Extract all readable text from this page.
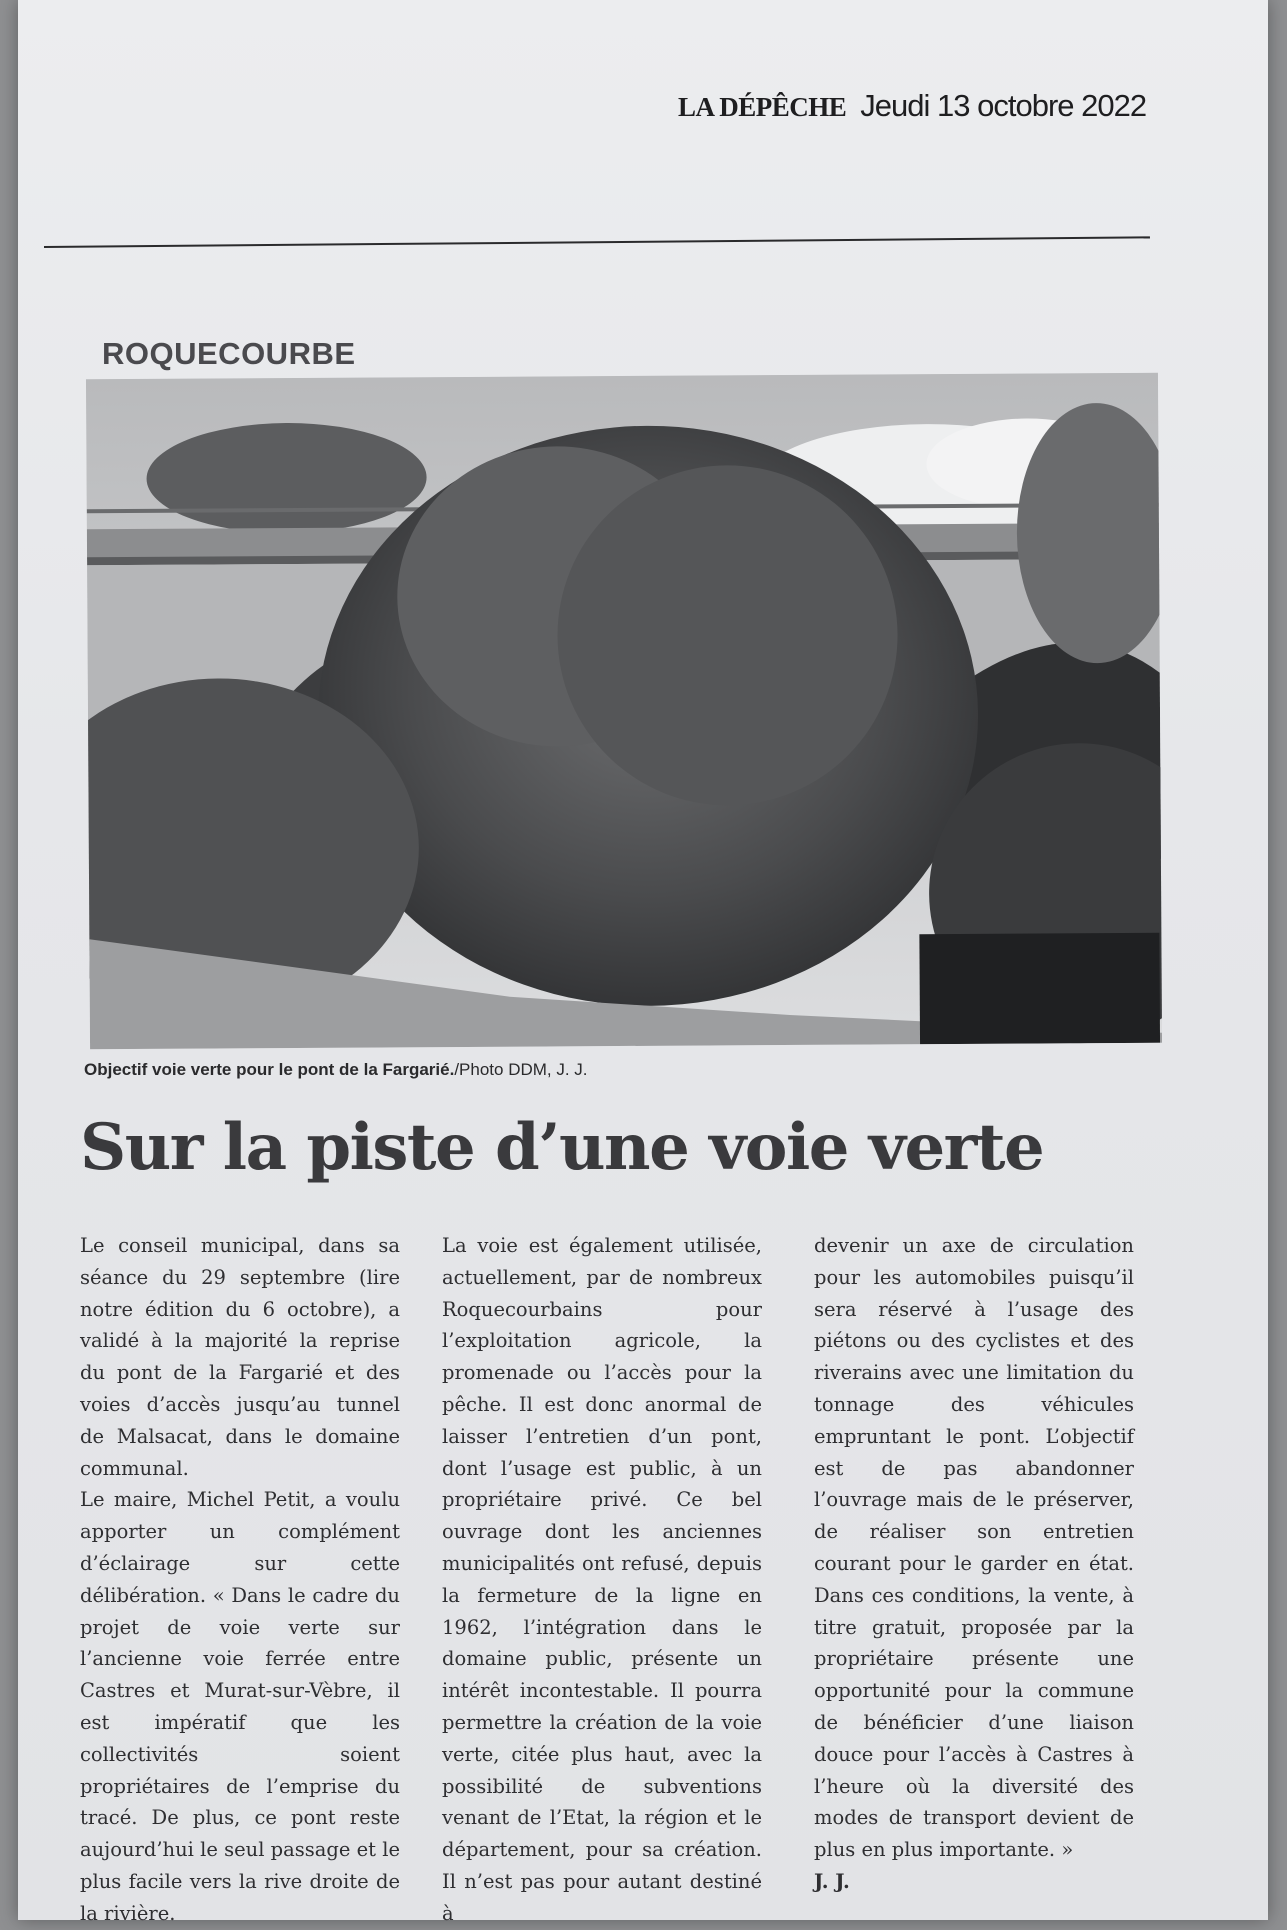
LA DÉPÊCHE Jeudi 13 octobre 2022
ROQUECOURBE
Objectif voie verte pour le pont de la Fargarié./Photo DDM, J. J.
Sur la piste d’une voie verte

Le conseil municipal, dans sa séance du 29 septembre (lire notre édition du 6 octobre), a validé à la majorité la reprise du pont de la Fargarié et des voies d’accès jusqu’au tunnel de Malsacat, dans le domaine communal.

Le maire, Michel Petit, a voulu apporter un complément d’éclairage sur cette délibération. « Dans le cadre du projet de voie verte sur l’ancienne voie ferrée entre Castres et Murat-sur-Vèbre, il est impératif que les collectivités soient propriétaires de l’emprise du tracé. De plus, ce pont reste aujourd’hui le seul passage et le plus facile vers la rive droite de la rivière.

La voie est également utilisée, actuellement, par de nombreux Roquecourbains pour l’exploitation agricole, la promenade ou l’accès pour la pêche. Il est donc anormal de laisser l’entretien d’un pont, dont l’usage est public, à un propriétaire privé. Ce bel ouvrage dont les anciennes municipalités ont refusé, depuis la fermeture de la ligne en 1962, l’intégration dans le domaine public, présente un intérêt incontestable. Il pourra permettre la création de la voie verte, citée plus haut, avec la possibilité de subventions venant de l’Etat, la région et le département, pour sa création. Il n’est pas pour autant destiné à

devenir un axe de circulation pour les automobiles puisqu’il sera réservé à l’usage des piétons ou des cyclistes et des riverains avec une limitation du tonnage des véhicules empruntant le pont. L’objectif est de pas abandonner l’ouvrage mais de le préserver, de réaliser son entretien courant pour le garder en état. Dans ces conditions, la vente, à titre gratuit, proposée par la propriétaire présente une opportunité pour la commune de bénéficier d’une liaison douce pour l’accès à Castres à l’heure où la diversité des modes de transport devient de plus en plus importante. »

J. J.
